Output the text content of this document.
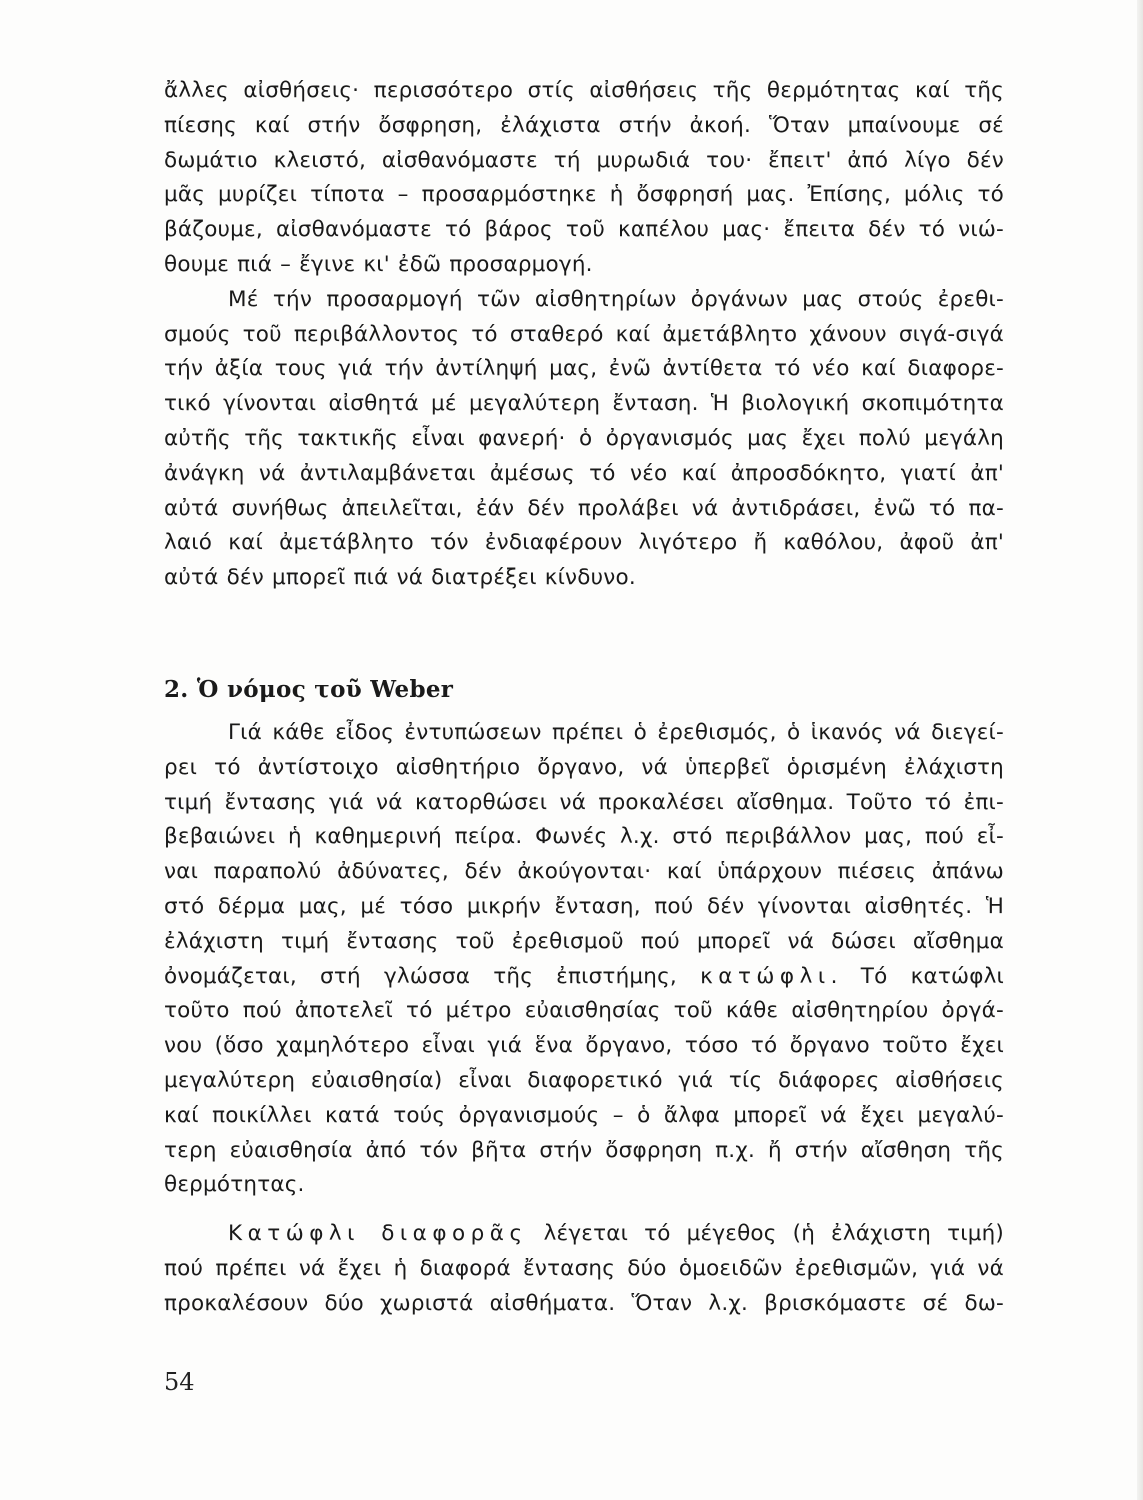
ἄλλες αἰσθήσεις· περισσότερο στίς αἰσθήσεις τῆς θερμότητας καί τῆς
πίεσης καί στήν ὄσφρηση, ἐλάχιστα στήν ἀκοή. Ὅταν μπαίνουμε σέ
δωμάτιο κλειστό, αἰσθανόμαστε τή μυρωδιά του· ἔπειτ' ἀπό λίγο δέν
μᾶς μυρίζει τίποτα – προσαρμόστηκε ἡ ὄσφρησή μας. Ἐπίσης, μόλις τό
βάζουμε, αἰσθανόμαστε τό βάρος τοῦ καπέλου μας· ἔπειτα δέν τό νιώ-
θουμε πιά – ἔγινε κι' ἐδῶ προσαρμογή.

Μέ τήν προσαρμογή τῶν αἰσθητηρίων ὀργάνων μας στούς ἐρεθι-
σμούς τοῦ περιβάλλοντος τό σταθερό καί ἀμετάβλητο χάνουν σιγά-σιγά
τήν ἀξία τους γιά τήν ἀντίληψή μας, ἐνῶ ἀντίθετα τό νέο καί διαφορε-
τικό γίνονται αἰσθητά μέ μεγαλύτερη ἔνταση. Ἡ βιολογική σκοπιμότητα
αὐτῆς τῆς τακτικῆς εἶναι φανερή· ὁ ὀργανισμός μας ἔχει πολύ μεγάλη
ἀνάγκη νά ἀντιλαμβάνεται ἀμέσως τό νέο καί ἀπροσδόκητο, γιατί ἀπ'
αὐτά συνήθως ἀπειλεῖται, ἐάν δέν προλάβει νά ἀντιδράσει, ἐνῶ τό πα-
λαιό καί ἀμετάβλητο τόν ἐνδιαφέρουν λιγότερο ἤ καθόλου, ἀφοῦ ἀπ'
αὐτά δέν μπορεῖ πιά νά διατρέξει κίνδυνο.

2. Ὁ νόμος τοῦ Weber

Γιά κάθε εἶδος ἐντυπώσεων πρέπει ὁ ἐρεθισμός, ὁ ἱκανός νά διεγεί-
ρει τό ἀντίστοιχο αἰσθητήριο ὄργανο, νά ὑπερβεῖ ὁρισμένη ἐλάχιστη
τιμή ἔντασης γιά νά κατορθώσει νά προκαλέσει αἴσθημα. Τοῦτο τό ἐπι-
βεβαιώνει ἡ καθημερινή πείρα. Φωνές λ.χ. στό περιβάλλον μας, πού εἶ-
ναι παραπολύ ἀδύνατες, δέν ἀκούγονται· καί ὑπάρχουν πιέσεις ἀπάνω
στό δέρμα μας, μέ τόσο μικρήν ἔνταση, πού δέν γίνονται αἰσθητές. Ἡ
ἐλάχιστη τιμή ἔντασης τοῦ ἐρεθισμοῦ πού μπορεῖ νά δώσει αἴσθημα
ὀνομάζεται, στή γλώσσα τῆς ἐπιστήμης, κατώφλι. Τό κατώφλι
τοῦτο πού ἀποτελεῖ τό μέτρο εὐαισθησίας τοῦ κάθε αἰσθητηρίου ὀργά-
νου (ὅσο χαμηλότερο εἶναι γιά ἕνα ὄργανο, τόσο τό ὄργανο τοῦτο ἔχει
μεγαλύτερη εὐαισθησία) εἶναι διαφορετικό γιά τίς διάφορες αἰσθήσεις
καί ποικίλλει κατά τούς ὀργανισμούς – ὁ ἄλφα μπορεῖ νά ἔχει μεγαλύ-
τερη εὐαισθησία ἀπό τόν βῆτα στήν ὄσφρηση π.χ. ἤ στήν αἴσθηση τῆς
θερμότητας.

Κατώφλι διαφορᾶς λέγεται τό μέγεθος (ἡ ἐλάχιστη τιμή)
πού πρέπει νά ἔχει ἡ διαφορά ἔντασης δύο ὁμοειδῶν ἐρεθισμῶν, γιά νά
προκαλέσουν δύο χωριστά αἰσθήματα. Ὅταν λ.χ. βρισκόμαστε σέ δω-

54
